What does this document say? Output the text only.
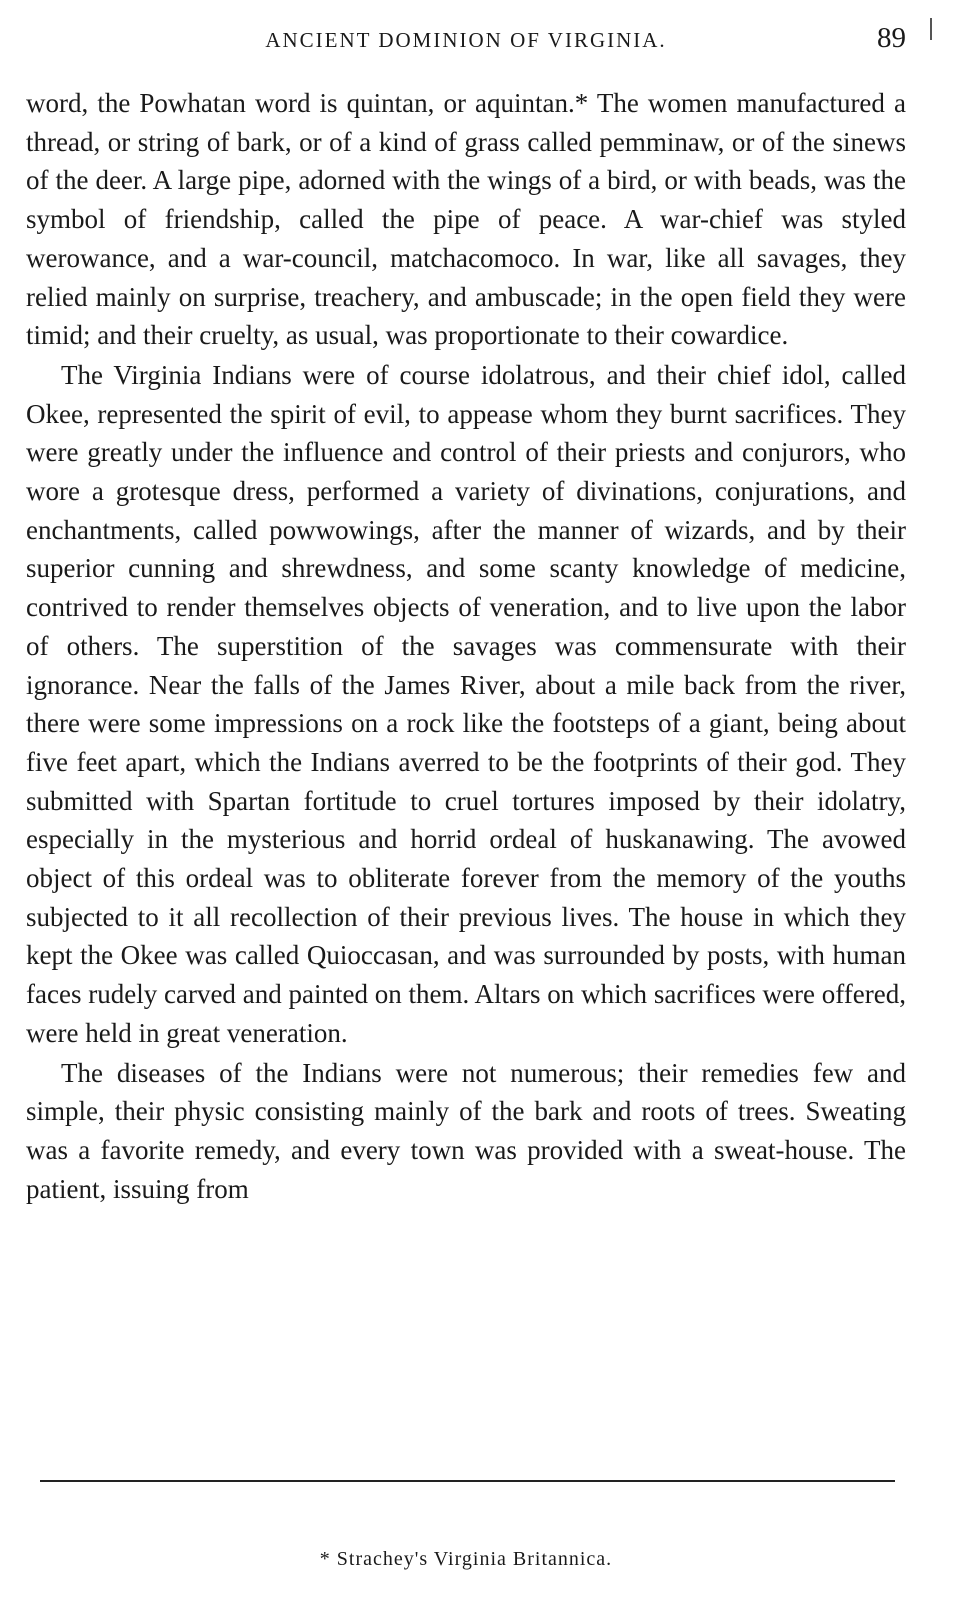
ANCIENT DOMINION OF VIRGINIA.	89

word, the Powhatan word is quintan, or aquintan.* The women manufactured a thread, or string of bark, or of a kind of grass called pemminaw, or of the sinews of the deer. A large pipe, adorned with the wings of a bird, or with beads, was the symbol of friendship, called the pipe of peace. A war-chief was styled werowance, and a war-council, matchacomoco. In war, like all savages, they relied mainly on surprise, treachery, and ambuscade; in the open field they were timid; and their cruelty, as usual, was proportionate to their cowardice.

The Virginia Indians were of course idolatrous, and their chief idol, called Okee, represented the spirit of evil, to appease whom they burnt sacrifices. They were greatly under the influence and control of their priests and conjurors, who wore a grotesque dress, performed a variety of divinations, conjurations, and enchantments, called powwowings, after the manner of wizards, and by their superior cunning and shrewdness, and some scanty knowledge of medicine, contrived to render themselves objects of veneration, and to live upon the labor of others. The superstition of the savages was commensurate with their ignorance. Near the falls of the James River, about a mile back from the river, there were some impressions on a rock like the footsteps of a giant, being about five feet apart, which the Indians averred to be the footprints of their god. They submitted with Spartan fortitude to cruel tortures imposed by their idolatry, especially in the mysterious and horrid ordeal of huskanawing. The avowed object of this ordeal was to obliterate forever from the memory of the youths subjected to it all recollection of their previous lives. The house in which they kept the Okee was called Quioccasan, and was surrounded by posts, with human faces rudely carved and painted on them. Altars on which sacrifices were offered, were held in great veneration.

The diseases of the Indians were not numerous; their remedies few and simple, their physic consisting mainly of the bark and roots of trees. Sweating was a favorite remedy, and every town was provided with a sweat-house. The patient, issuing from

* Strachey's Virginia Britannica.
